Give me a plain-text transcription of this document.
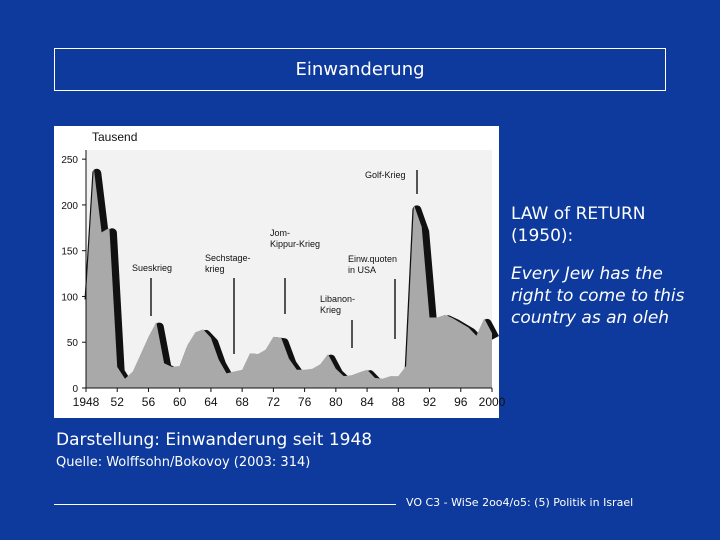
Einwanderung
Tausend
Sueskrieg
Sechstage-krieg
Jom-Kippur-Krieg
Libanon-Krieg
Einw.quoten in USA
Golf-Krieg
0
50
100
150
200
250
1948 52 56 60 64 68 72 76 80 84 88 92 96 2000
LAW of RETURN (1950):
Every Jew has the right to come to this country as an oleh
Darstellung: Einwanderung seit 1948
Quelle: Wolffsohn/Bokovoy (2003: 314)
VO C3 - WiSe 2oo4/o5: (5) Politik in Israel
